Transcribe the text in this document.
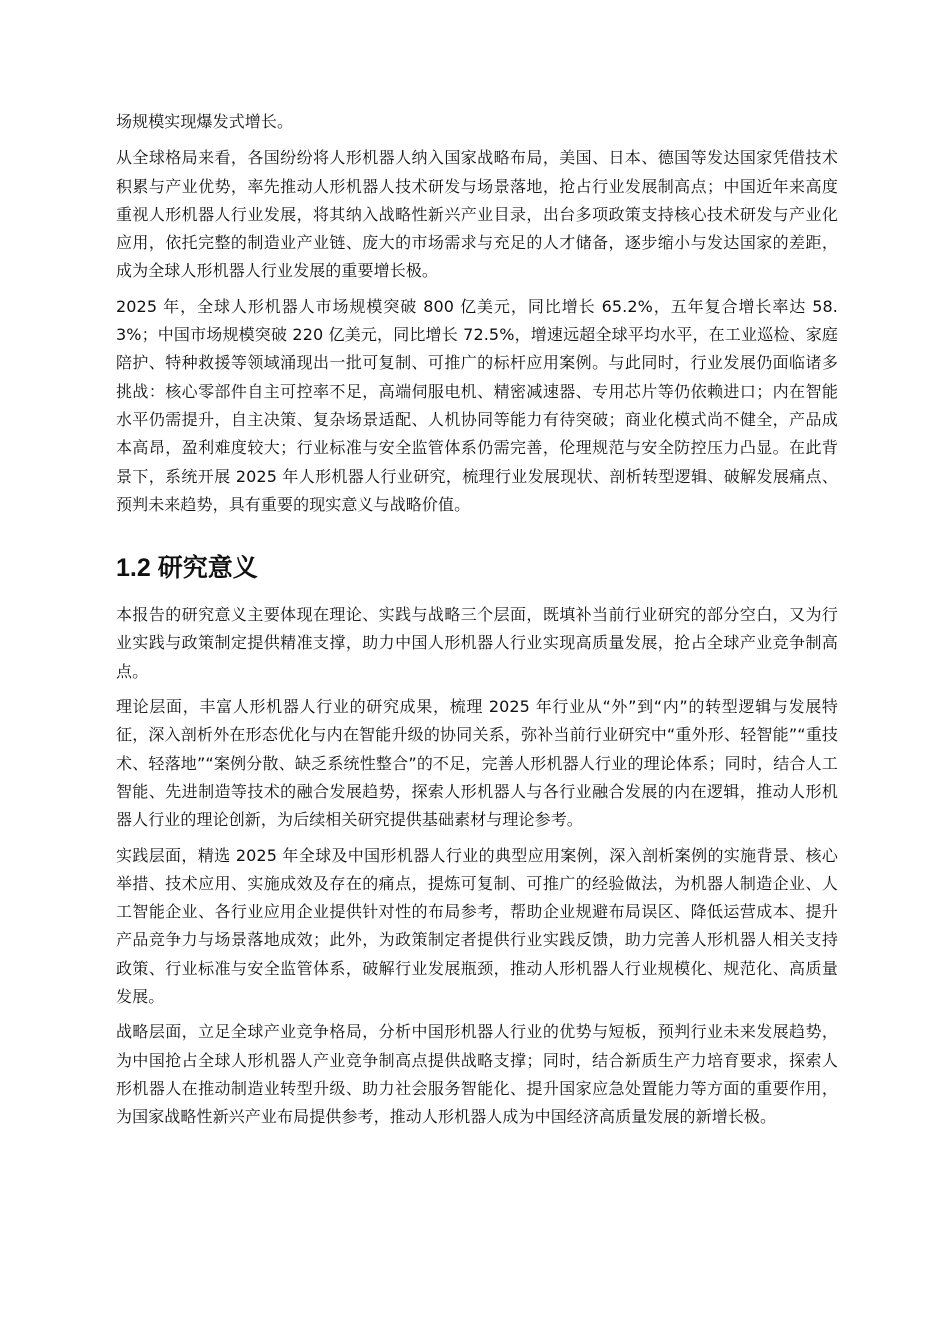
场规模实现爆发式增长。

从全球格局来看，各国纷纷将人形机器人纳入国家战略布局，美国、日本、德国等发达国家凭借技术积累与产业优势，率先推动人形机器人技术研发与场景落地，抢占行业发展制高点；中国近年来高度重视人形机器人行业发展，将其纳入战略性新兴产业目录，出台多项政策支持核心技术研发与产业化应用，依托完整的制造业产业链、庞大的市场需求与充足的人才储备，逐步缩小与发达国家的差距，成为全球人形机器人行业发展的重要增长极。

2025 年，全球人形机器人市场规模突破 800 亿美元，同比增长 65.2%，五年复合增长率达 58.3%；中国市场规模突破 220 亿美元，同比增长 72.5%，增速远超全球平均水平，在工业巡检、家庭陪护、特种救援等领域涌现出一批可复制、可推广的标杆应用案例。与此同时，行业发展仍面临诸多挑战：核心零部件自主可控率不足，高端伺服电机、精密减速器、专用芯片等仍依赖进口；内在智能水平仍需提升，自主决策、复杂场景适配、人机协同等能力有待突破；商业化模式尚不健全，产品成本高昂，盈利难度较大；行业标准与安全监管体系仍需完善，伦理规范与安全防控压力凸显。在此背景下，系统开展 2025 年人形机器人行业研究，梳理行业发展现状、剖析转型逻辑、破解发展痛点、预判未来趋势，具有重要的现实意义与战略价值。

1.2 研究意义

本报告的研究意义主要体现在理论、实践与战略三个层面，既填补当前行业研究的部分空白，又为行业实践与政策制定提供精准支撑，助力中国人形机器人行业实现高质量发展，抢占全球产业竞争制高点。

理论层面，丰富人形机器人行业的研究成果，梳理 2025 年行业从“外”到“内”的转型逻辑与发展特征，深入剖析外在形态优化与内在智能升级的协同关系，弥补当前行业研究中“重外形、轻智能”“重技术、轻落地”“案例分散、缺乏系统性整合”的不足，完善人形机器人行业的理论体系；同时，结合人工智能、先进制造等技术的融合发展趋势，探索人形机器人与各行业融合发展的内在逻辑，推动人形机器人行业的理论创新，为后续相关研究提供基础素材与理论参考。

实践层面，精选 2025 年全球及中国形机器人行业的典型应用案例，深入剖析案例的实施背景、核心举措、技术应用、实施成效及存在的痛点，提炼可复制、可推广的经验做法，为机器人制造企业、人工智能企业、各行业应用企业提供针对性的布局参考，帮助企业规避布局误区、降低运营成本、提升产品竞争力与场景落地成效；此外，为政策制定者提供行业实践反馈，助力完善人形机器人相关支持政策、行业标准与安全监管体系，破解行业发展瓶颈，推动人形机器人行业规模化、规范化、高质量发展。

战略层面，立足全球产业竞争格局，分析中国形机器人行业的优势与短板，预判行业未来发展趋势，为中国抢占全球人形机器人产业竞争制高点提供战略支撑；同时，结合新质生产力培育要求，探索人形机器人在推动制造业转型升级、助力社会服务智能化、提升国家应急处置能力等方面的重要作用，为国家战略性新兴产业布局提供参考，推动人形机器人成为中国经济高质量发展的新增长极。
